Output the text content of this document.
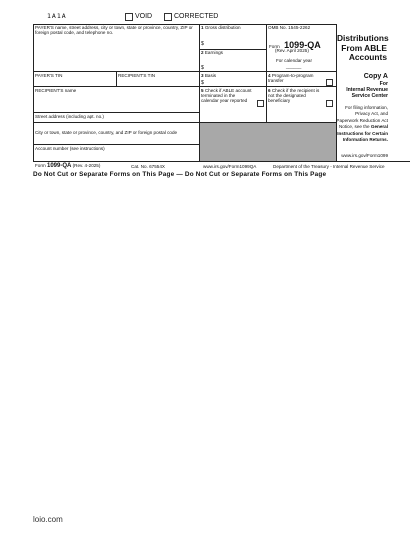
1A1A	VOID	CORRECTED
PAYER'S name, street address, city or town, state or province, country, ZIP or foreign postal code, and telephone no.
1 Gross distribution
$
2 Earnings
$
OMB No. 1545-2262
Form 1099-QA
(Rev. April 2025)
For calendar year
______
Distributions
From ABLE
Accounts
PAYER'S TIN	RECIPIENT'S TIN	3 Basis
$
4 Program-to-program transfer
Copy A
For
Internal Revenue Service Center
For filing information, Privacy Act, and Paperwork Reduction Act Notice, see the General Instructions for Certain Information Returns.
www.irs.gov/Form1099
RECIPIENT'S name
Street address (including apt. no.)
City or town, state or province, country, and ZIP or foreign postal code
Account number (see instructions)
5 Check if ABLE account terminated in the calendar year reported
6 Check if the recipient is not the designated beneficiary
Form 1099-QA (Rev. 4-2025)	Cat. No. 67554X	www.irs.gov/Form1099QA	Department of the Treasury - Internal Revenue Service
Do Not Cut or Separate Forms on This Page — Do Not Cut or Separate Forms on This Page
loio.com
